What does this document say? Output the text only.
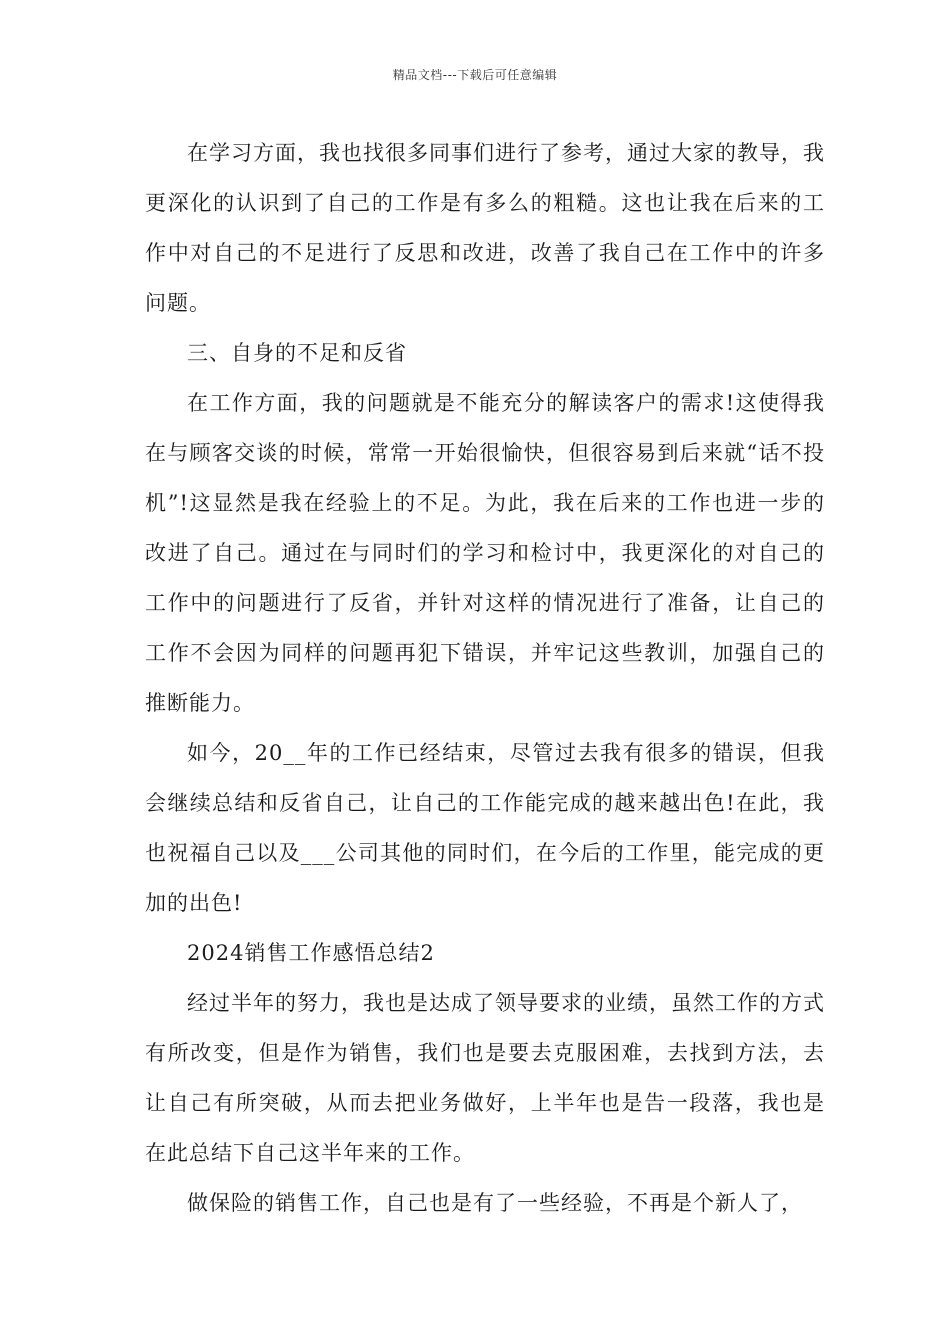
精品文档---下载后可任意编辑

在学习方面，我也找很多同事们进行了参考，通过大家的教导，我更深化的认识到了自己的工作是有多么的粗糙。这也让我在后来的工作中对自己的不足进行了反思和改进，改善了我自己在工作中的许多问题。

三、自身的不足和反省

在工作方面，我的问题就是不能充分的解读客户的需求!这使得我在与顾客交谈的时候，常常一开始很愉快，但很容易到后来就“话不投机”!这显然是我在经验上的不足。为此，我在后来的工作也进一步的改进了自己。通过在与同时们的学习和检讨中，我更深化的对自己的工作中的问题进行了反省，并针对这样的情况进行了准备，让自己的工作不会因为同样的问题再犯下错误，并牢记这些教训，加强自己的推断能力。

如今，20__年的工作已经结束，尽管过去我有很多的错误，但我会继续总结和反省自己，让自己的工作能完成的越来越出色!在此，我也祝福自己以及___公司其他的同时们，在今后的工作里，能完成的更加的出色!

2024销售工作感悟总结2

经过半年的努力，我也是达成了领导要求的业绩，虽然工作的方式有所改变，但是作为销售，我们也是要去克服困难，去找到方法，去让自己有所突破，从而去把业务做好，上半年也是告一段落，我也是在此总结下自己这半年来的工作。

做保险的销售工作，自己也是有了一些经验，不再是个新人了，
